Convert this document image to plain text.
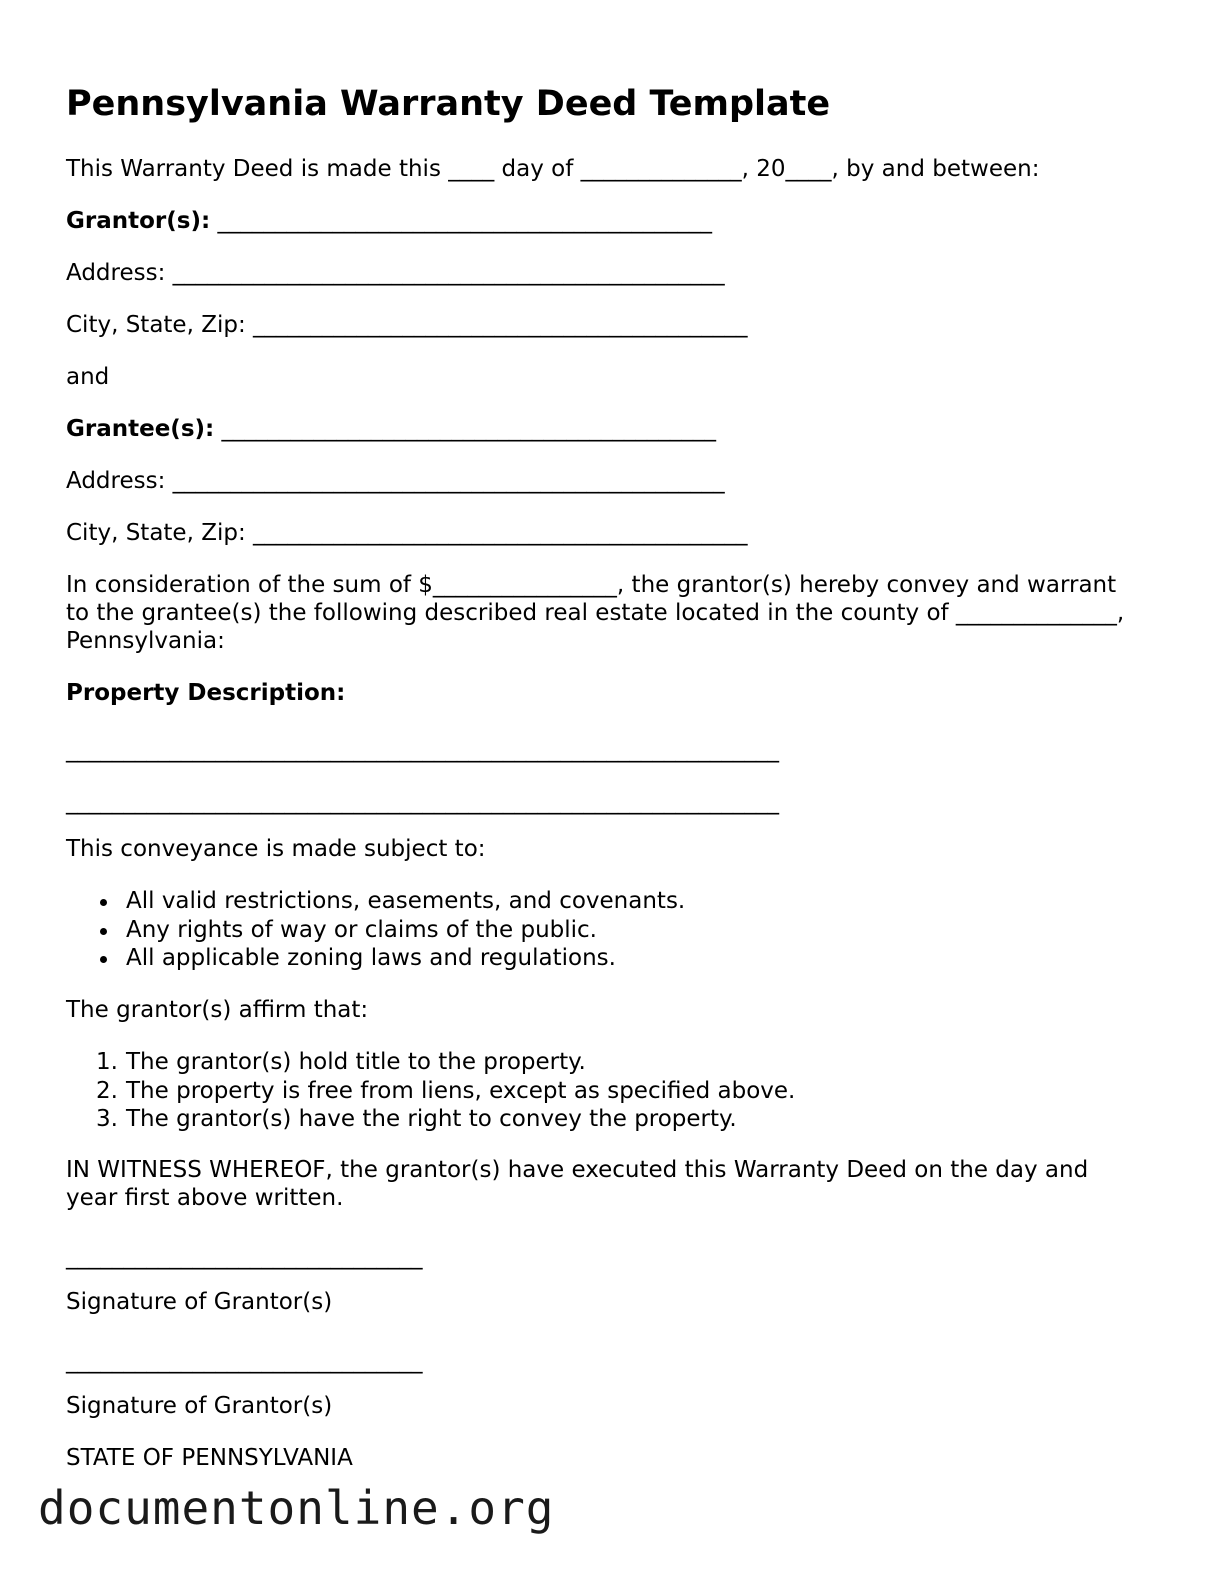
Pennsylvania Warranty Deed Template
This Warranty Deed is made this ____ day of ______________, 20____, by and between:
Grantor(s): ___________________________________________
Address: ________________________________________________
City, State, Zip: ___________________________________________
and
Grantee(s): ___________________________________________
Address: ________________________________________________
City, State, Zip: ___________________________________________
In consideration of the sum of $________________, the grantor(s) hereby convey and warrant to the grantee(s) the following described real estate located in the county of ______________, Pennsylvania:
Property Description:
______________________________________________________________
______________________________________________________________
This conveyance is made subject to:
All valid restrictions, easements, and covenants.
Any rights of way or claims of the public.
All applicable zoning laws and regulations.
The grantor(s) affirm that:
1. The grantor(s) hold title to the property.
2. The property is free from liens, except as specified above.
3. The grantor(s) have the right to convey the property.
IN WITNESS WHEREOF, the grantor(s) have executed this Warranty Deed on the day and year first above written.
_______________________________
Signature of Grantor(s)
_______________________________
Signature of Grantor(s)
STATE OF PENNSYLVANIA
documentonline.org
